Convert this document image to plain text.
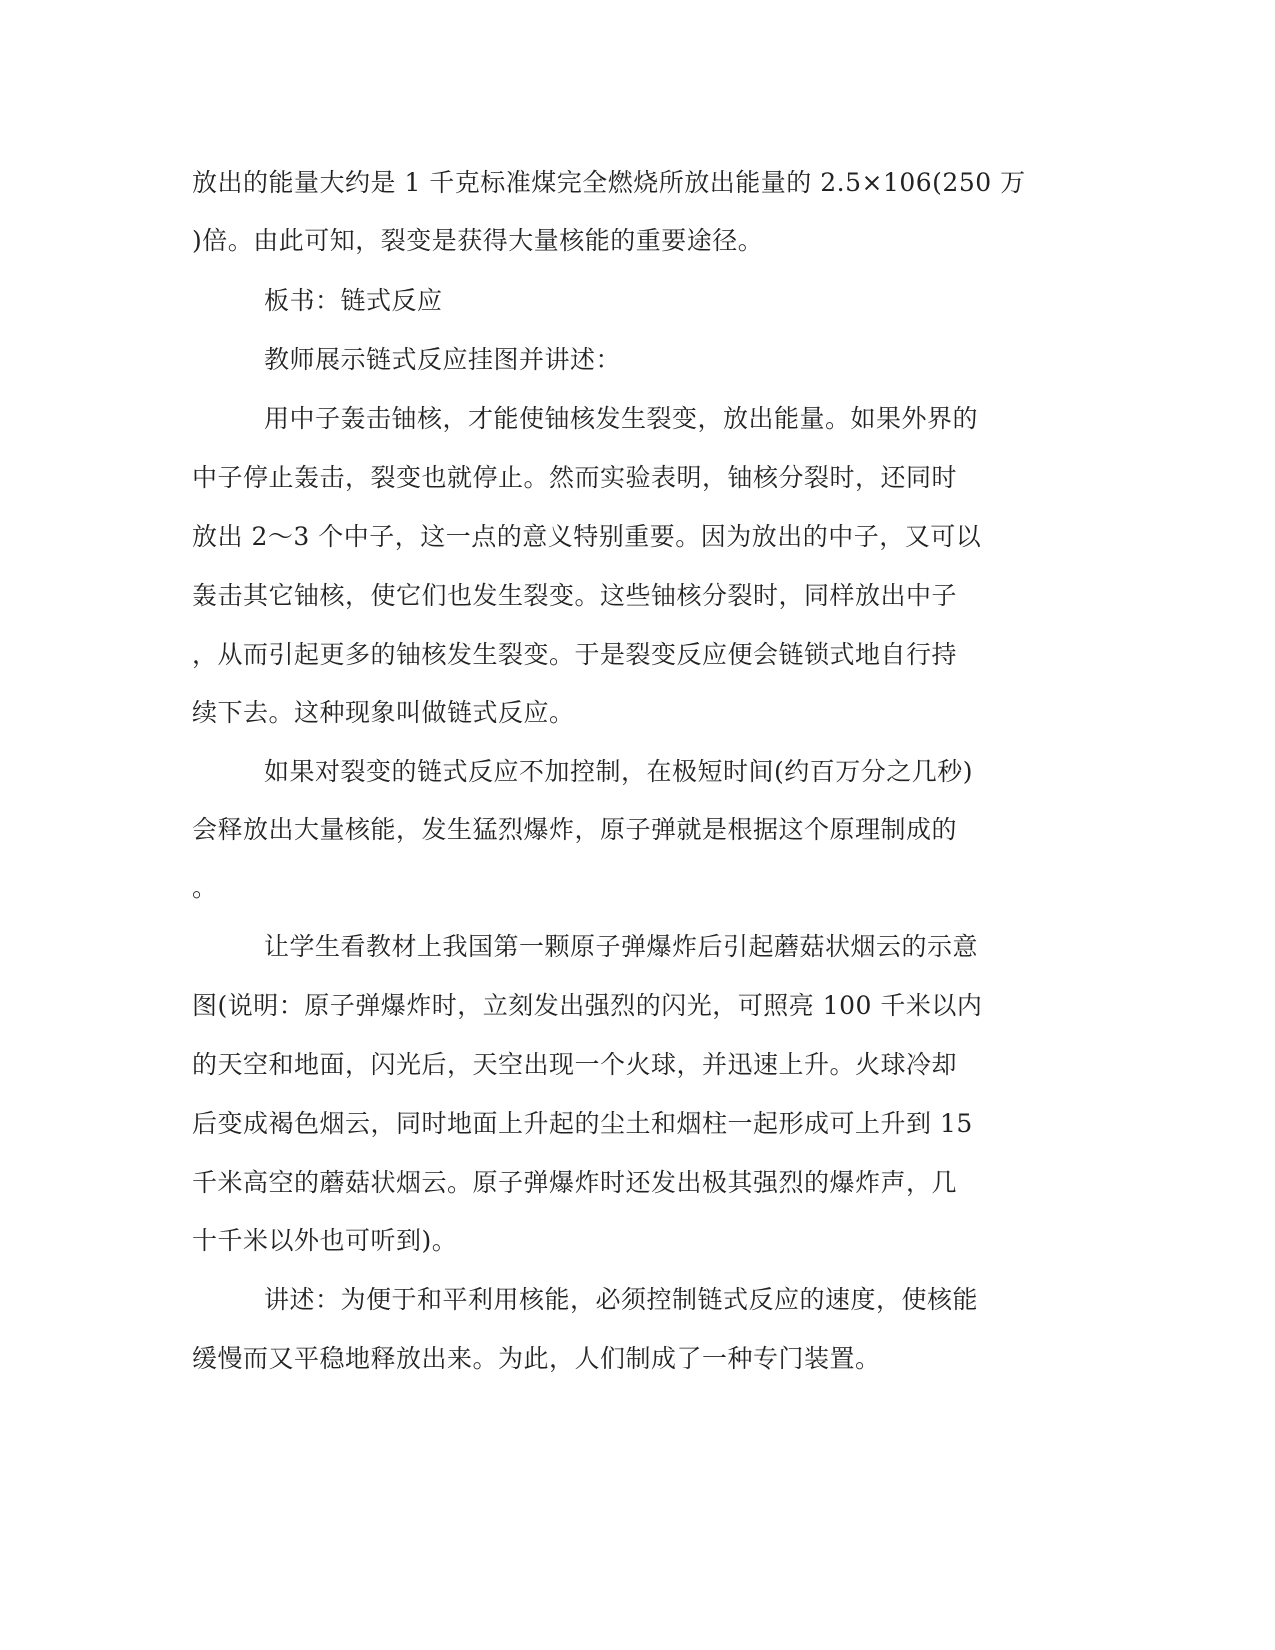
放出的能量大约是 1 千克标准煤完全燃烧所放出能量的 2.5×106(250 万
)倍。由此可知，裂变是获得大量核能的重要途径。
板书：链式反应
教师展示链式反应挂图并讲述：
用中子轰击铀核，才能使铀核发生裂变，放出能量。如果外界的
中子停止轰击，裂变也就停止。然而实验表明，铀核分裂时，还同时
放出 2～3 个中子，这一点的意义特别重要。因为放出的中子，又可以
轰击其它铀核，使它们也发生裂变。这些铀核分裂时，同样放出中子
，从而引起更多的铀核发生裂变。于是裂变反应便会链锁式地自行持
续下去。这种现象叫做链式反应。
如果对裂变的链式反应不加控制，在极短时间(约百万分之几秒)
会释放出大量核能，发生猛烈爆炸，原子弹就是根据这个原理制成的
。
让学生看教材上我国第一颗原子弹爆炸后引起蘑菇状烟云的示意
图(说明：原子弹爆炸时，立刻发出强烈的闪光，可照亮 100 千米以内
的天空和地面，闪光后，天空出现一个火球，并迅速上升。火球冷却
后变成褐色烟云，同时地面上升起的尘土和烟柱一起形成可上升到 15
千米高空的蘑菇状烟云。原子弹爆炸时还发出极其强烈的爆炸声，几
十千米以外也可听到)。
讲述：为便于和平利用核能，必须控制链式反应的速度，使核能
缓慢而又平稳地释放出来。为此，人们制成了一种专门装置。
